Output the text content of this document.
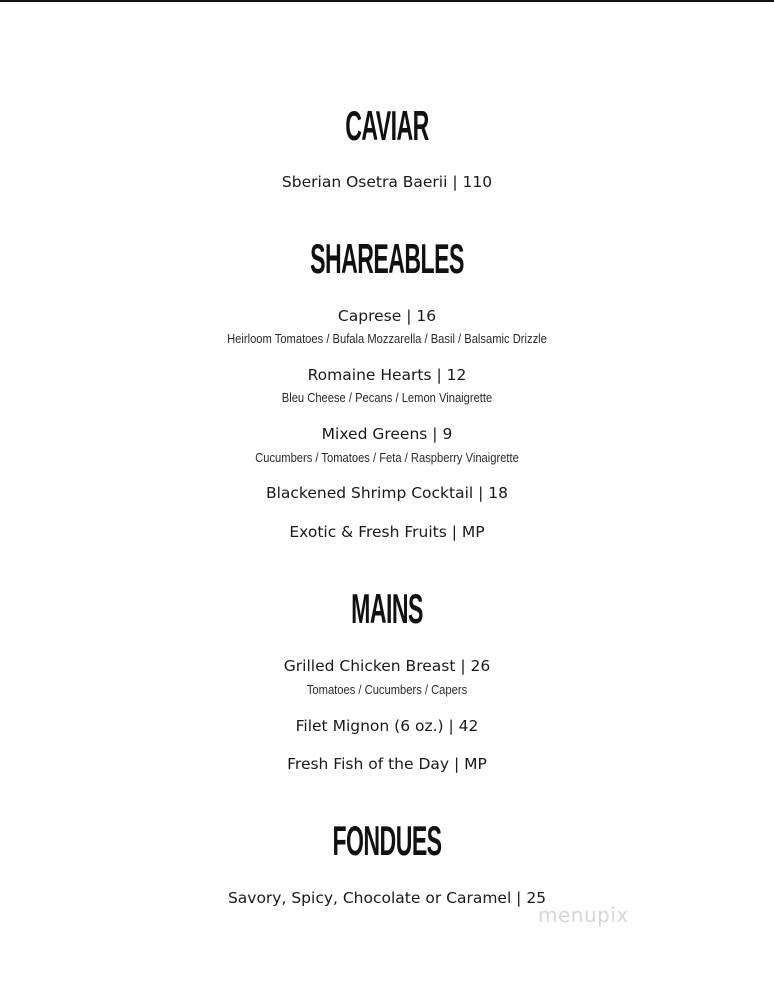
CAVIAR
Sberian Osetra Baerii | 110
SHAREABLES
Caprese | 16
Heirloom Tomatoes / Bufala Mozzarella / Basil / Balsamic Drizzle
Romaine Hearts | 12
Bleu Cheese / Pecans / Lemon Vinaigrette
Mixed Greens | 9
Cucumbers / Tomatoes / Feta / Raspberry Vinaigrette
Blackened Shrimp Cocktail | 18
Exotic & Fresh Fruits | MP
MAINS
Grilled Chicken Breast | 26
Tomatoes / Cucumbers / Capers
Filet Mignon (6 oz.) | 42
Fresh Fish of the Day | MP
FONDUES
Savory, Spicy, Chocolate or Caramel | 25
menupix
